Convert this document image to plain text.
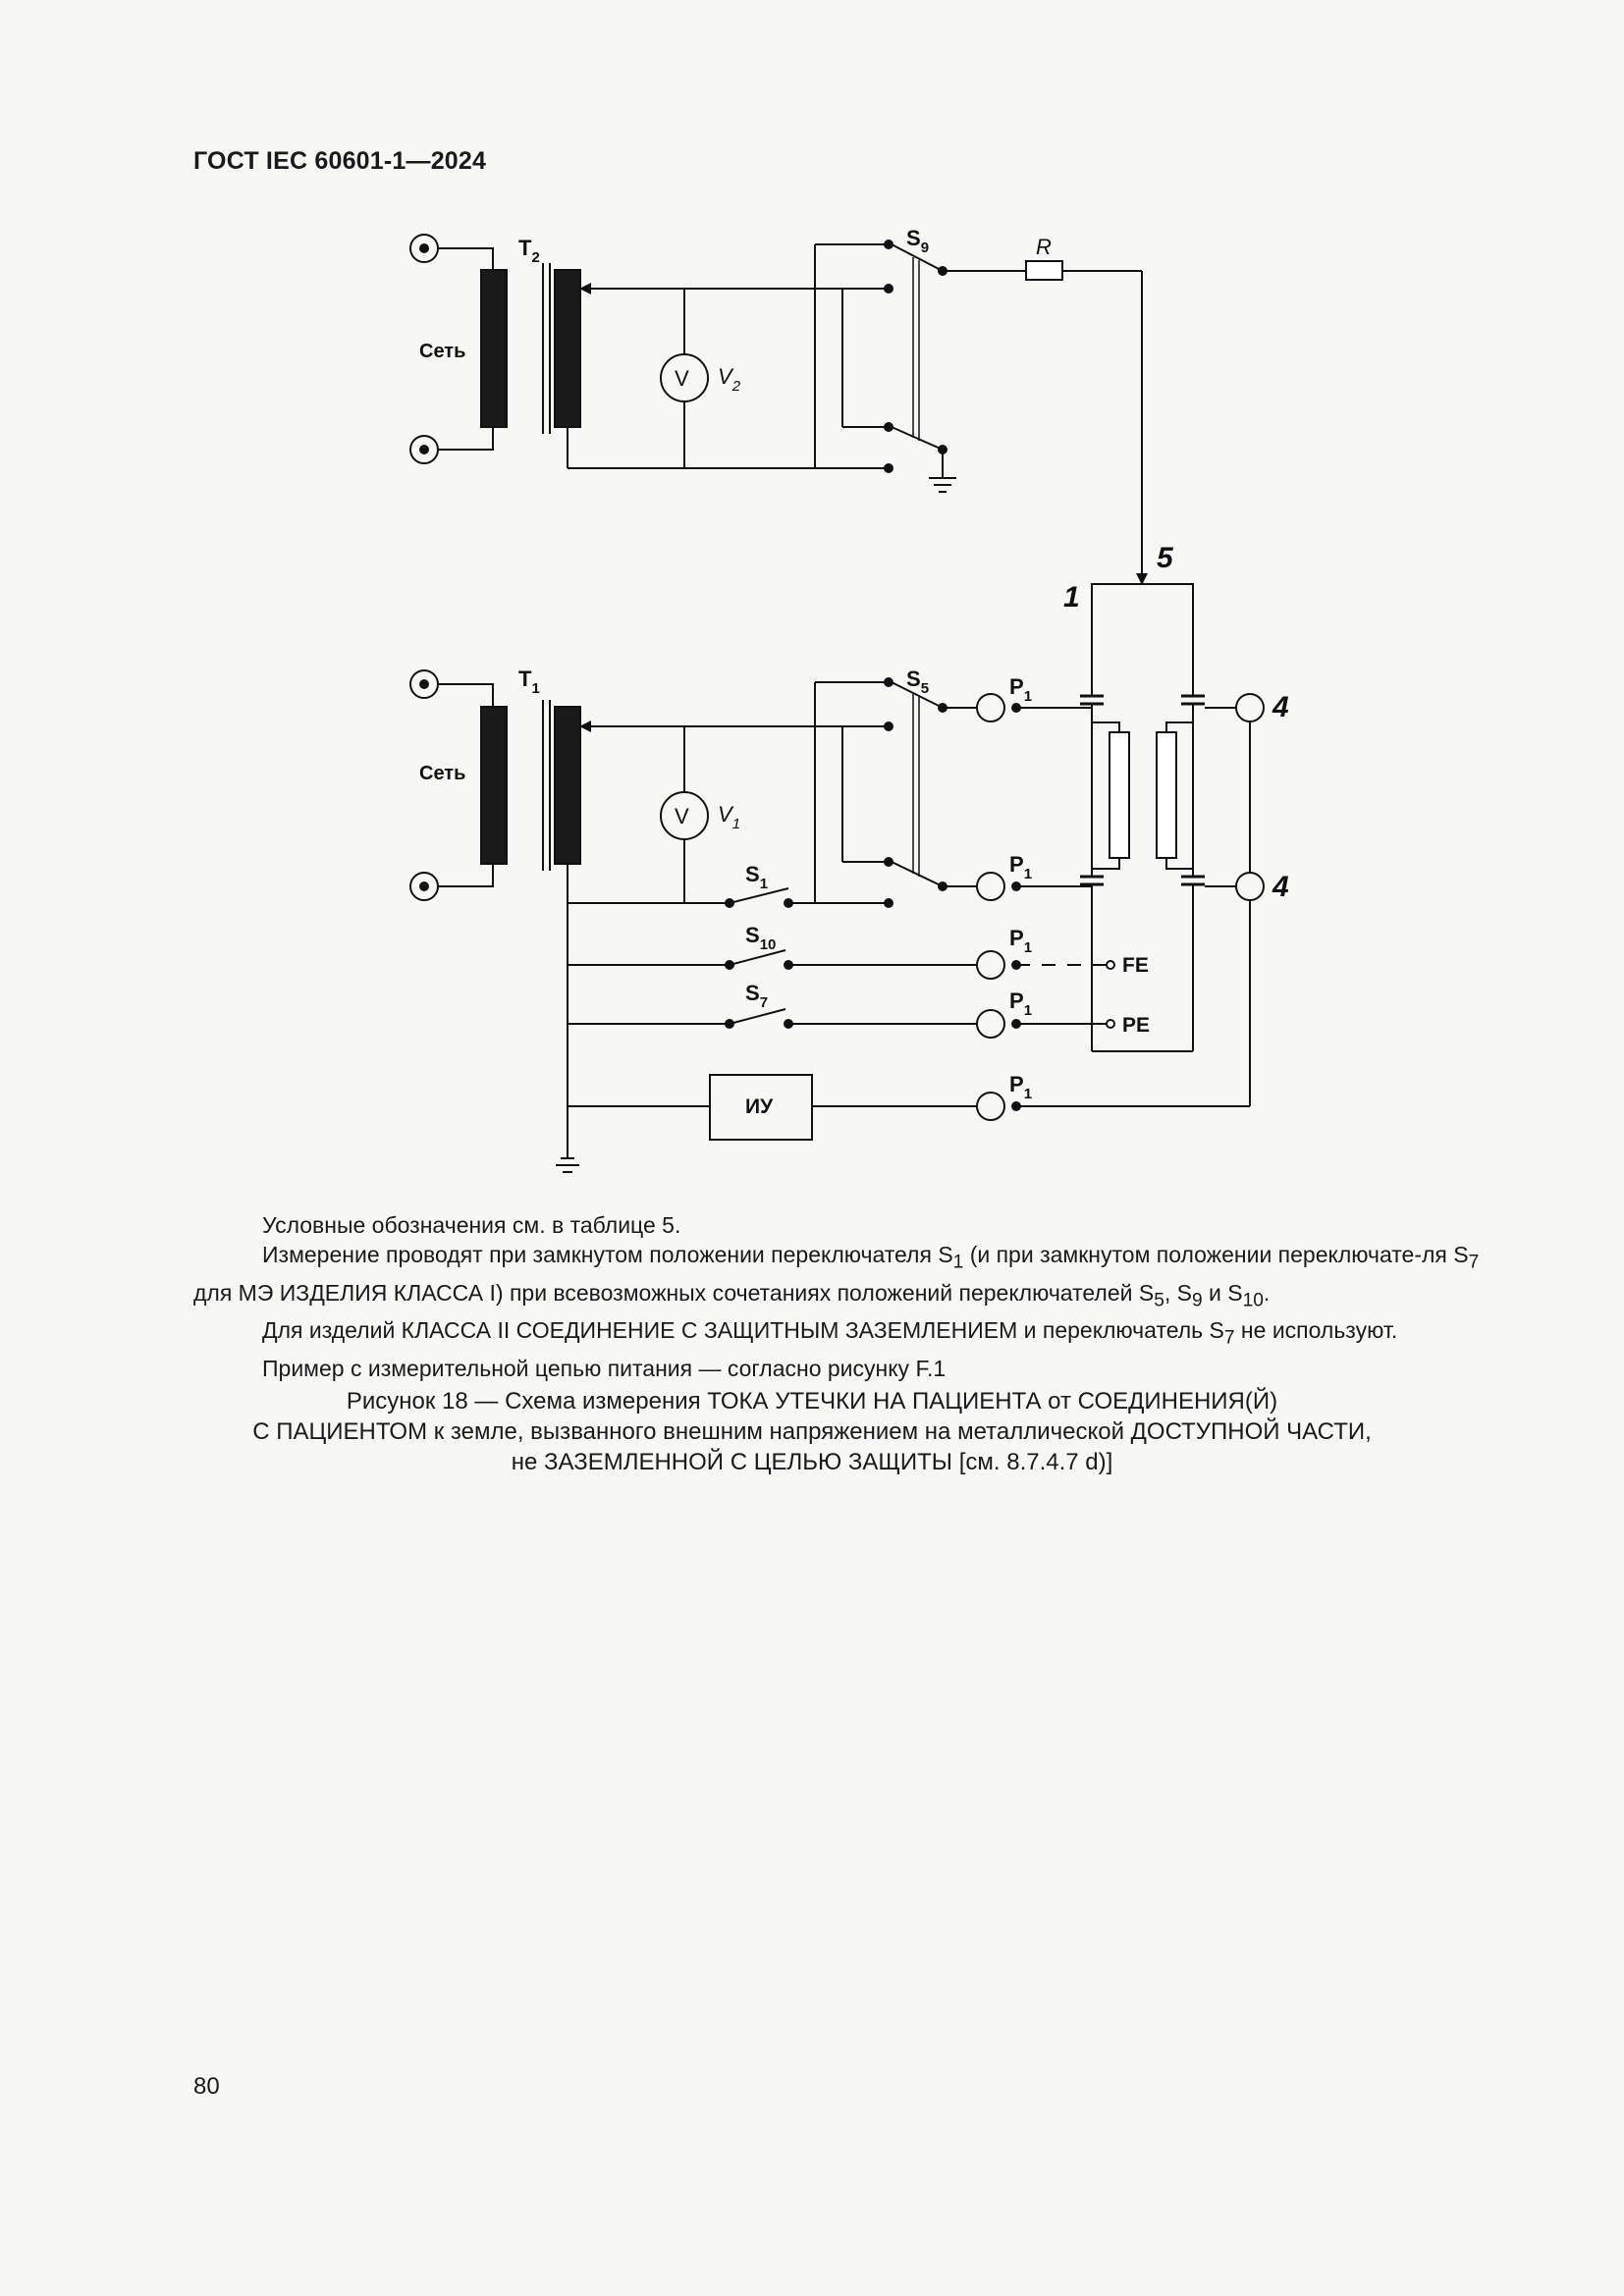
ГОСТ IEC 60601-1—2024
Сеть
Сеть
$T_2$
$T_1$
V $V_2$
V $V_1$
$S_9$
$S_5$
$S_1$
$S_{10}$
$S_7$
R
$P_1$
$P_1$
$P_1$
$P_1$
$P_1$
FE
PE
ИУ
1
5
4
4
Условные обозначения см. в таблице 5.
Измерение проводят при замкнутом положении переключателя $S_1$ (и при замкнутом положении переключате-ля $S_7$ для МЭ ИЗДЕЛИЯ КЛАССА I) при всевозможных сочетаниях положений переключателей $S_5$, $S_9$ и $S_{10}$.
Для изделий КЛАССА II СОЕДИНЕНИЕ С ЗАЩИТНЫМ ЗАЗЕМЛЕНИЕМ и переключатель $S_7$ не используют.
Пример с измерительной цепью питания — согласно рисунку F.1
Рисунок 18 — Схема измерения ТОКА УТЕЧКИ НА ПАЦИЕНТА от СОЕДИНЕНИЯ(Й)
С ПАЦИЕНТОМ к земле, вызванного внешним напряжением на металлической ДОСТУПНОЙ ЧАСТИ,
не ЗАЗЕМЛЕННОЙ С ЦЕЛЬЮ ЗАЩИТЫ [см. 8.7.4.7 d)]
80
